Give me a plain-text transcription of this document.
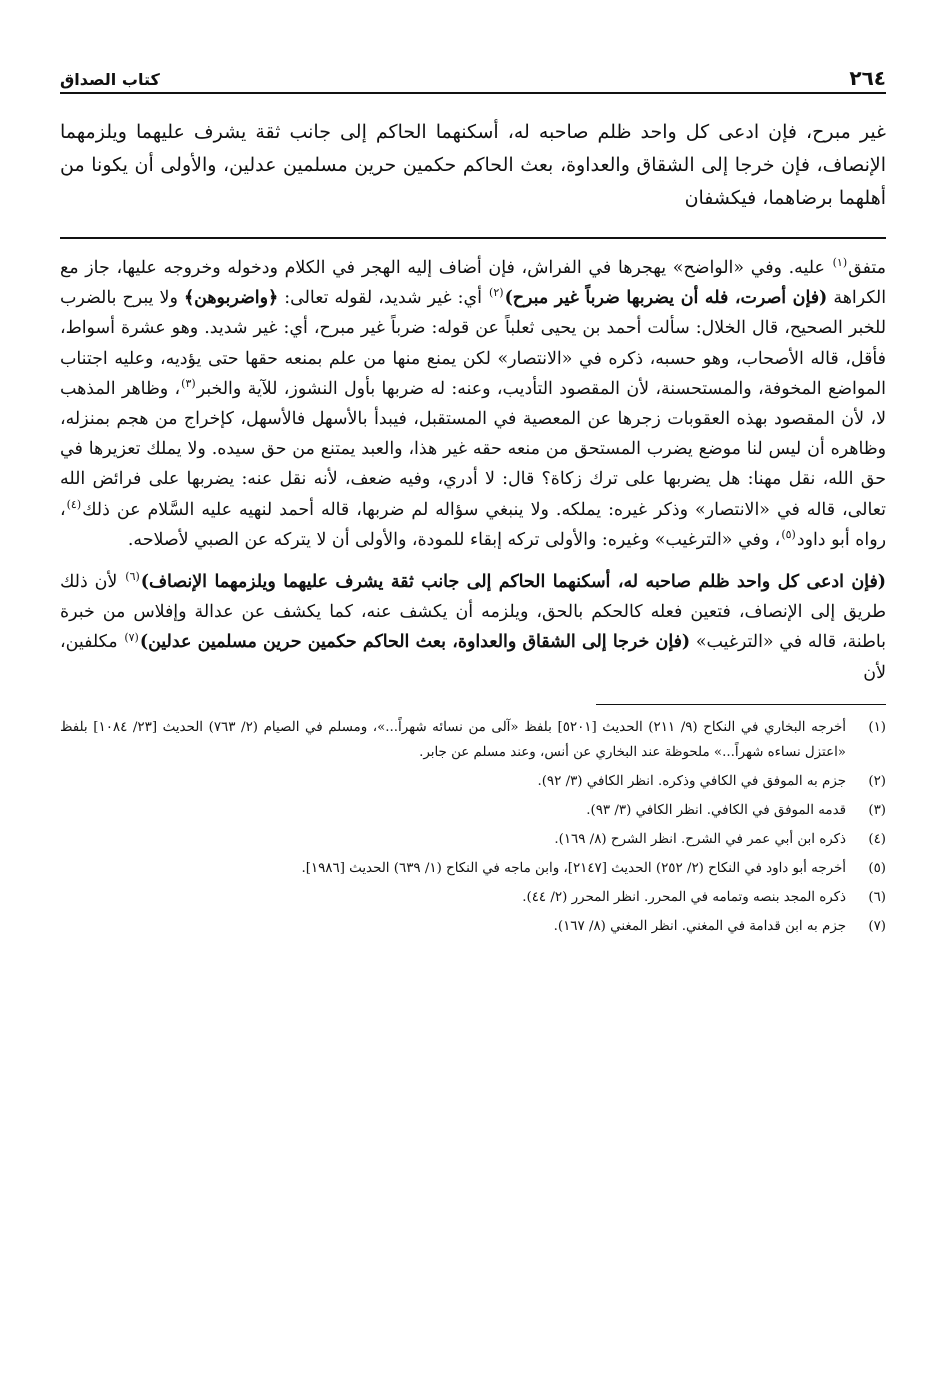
٢٦٤
كتاب الصداق

غير مبرح، فإن ادعى كل واحد ظلم صاحبه له، أسكنهما الحاكم إلى جانب ثقة يشرف عليهما ويلزمهما الإنصاف، فإن خرجا إلى الشقاق والعداوة، بعث الحاكم حكمين حرين مسلمين عدلين، والأولى أن يكونا من أهلهما برضاهما، فيكشفان

متفق$^{(١)}$ عليه. وفي «الواضح» يهجرها في الفراش، فإن أضاف إليه الهجر في الكلام ودخوله وخروجه عليها، جاز مع الكراهة (فإن أصرت، فله أن يضربها ضرباً غير مبرح)$^{(٢)}$ أي: غير شديد، لقوله تعالى: ﴿واضربوهن﴾ ولا يبرح بالضرب للخبر الصحيح، قال الخلال: سألت أحمد بن يحيى ثعلباً عن قوله: ضرباً غير مبرح، أي: غير شديد. وهو عشرة أسواط، فأقل، قاله الأصحاب، وهو حسبه، ذكره في «الانتصار» لكن يمنع منها من علم بمنعه حقها حتى يؤديه، وعليه اجتناب المواضع المخوفة، والمستحسنة، لأن المقصود التأديب، وعنه: له ضربها بأول النشوز، للآية والخبر$^{(٣)}$، وظاهر المذهب لا، لأن المقصود بهذه العقوبات زجرها عن المعصية في المستقبل، فيبدأ بالأسهل فالأسهل، كإخراج من هجم بمنزله، وظاهره أن ليس لنا موضع يضرب المستحق من منعه حقه غير هذا، والعبد يمتنع من حق سيده. ولا يملك تعزيرها في حق الله، نقل مهنا: هل يضربها على ترك زكاة؟ قال: لا أدري، وفيه ضعف، لأنه نقل عنه: يضربها على فرائض الله تعالى، قاله في «الانتصار» وذكر غيره: يملكه. ولا ينبغي سؤاله لم ضربها، قاله أحمد لنهيه عليه السَّلام عن ذلك$^{(٤)}$، رواه أبو داود$^{(٥)}$، وفي «الترغيب» وغيره: والأولى تركه إبقاء للمودة، والأولى أن لا يتركه عن الصبي لأصلاحه.

(فإن ادعى كل واحد ظلم صاحبه له، أسكنهما الحاكم إلى جانب ثقة يشرف عليهما ويلزمهما الإنصاف)$^{(٦)}$ لأن ذلك طريق إلى الإنصاف، فتعين فعله كالحكم بالحق، ويلزمه أن يكشف عنه، كما يكشف عن عدالة وإفلاس من خبرة باطنة، قاله في «الترغيب» (فإن خرجا إلى الشقاق والعداوة، بعث الحاكم حكمين حرين مسلمين عدلين)$^{(٧)}$ مكلفين، لأن

(١)
أخرجه البخاري في النكاح (٩/ ٢١١) الحديث [٥٢٠١] بلفظ «آلى من نسائه شهراً...»، ومسلم في الصيام (٢/ ٧٦٣) الحديث [٢٣/ ١٠٨٤] بلفظ «اعتزل نساءه شهراً...» ملحوظة عند البخاري عن أنس، وعند مسلم عن جابر.
(٢)
جزم به الموفق في الكافي وذكره. انظر الكافي (٣/ ٩٢).
(٣)
قدمه الموفق في الكافي. انظر الكافي (٣/ ٩٣).
(٤)
ذكره ابن أبي عمر في الشرح. انظر الشرح (٨/ ١٦٩).
(٥)
أخرجه أبو داود في النكاح (٢/ ٢٥٢) الحديث [٢١٤٧]، وابن ماجه في النكاح (١/ ٦٣٩) الحديث [١٩٨٦].
(٦)
ذكره المجد بنصه وتمامه في المحرر. انظر المحرر (٢/ ٤٤).
(٧)
جزم به ابن قدامة في المغني. انظر المغني (٨/ ١٦٧).
